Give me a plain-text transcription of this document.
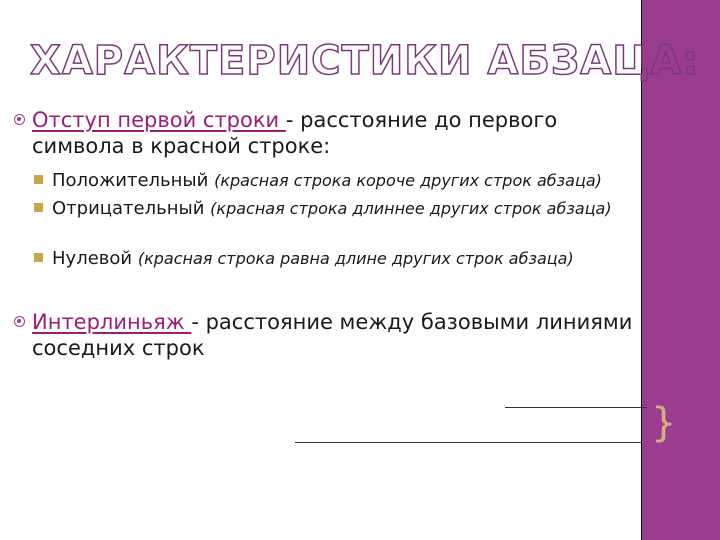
ХАРАКТЕРИСТИКИ АБЗАЦА:
Отступ первой строки - расстояние до первого символа в красной строке:
Положительный (красная строка короче других строк абзаца)
Отрицательный (красная строка длиннее других строк абзаца)
Нулевой (красная строка равна длине других строк абзаца)
Интерлиньяж - расстояние между базовыми линиями соседних строк
}
